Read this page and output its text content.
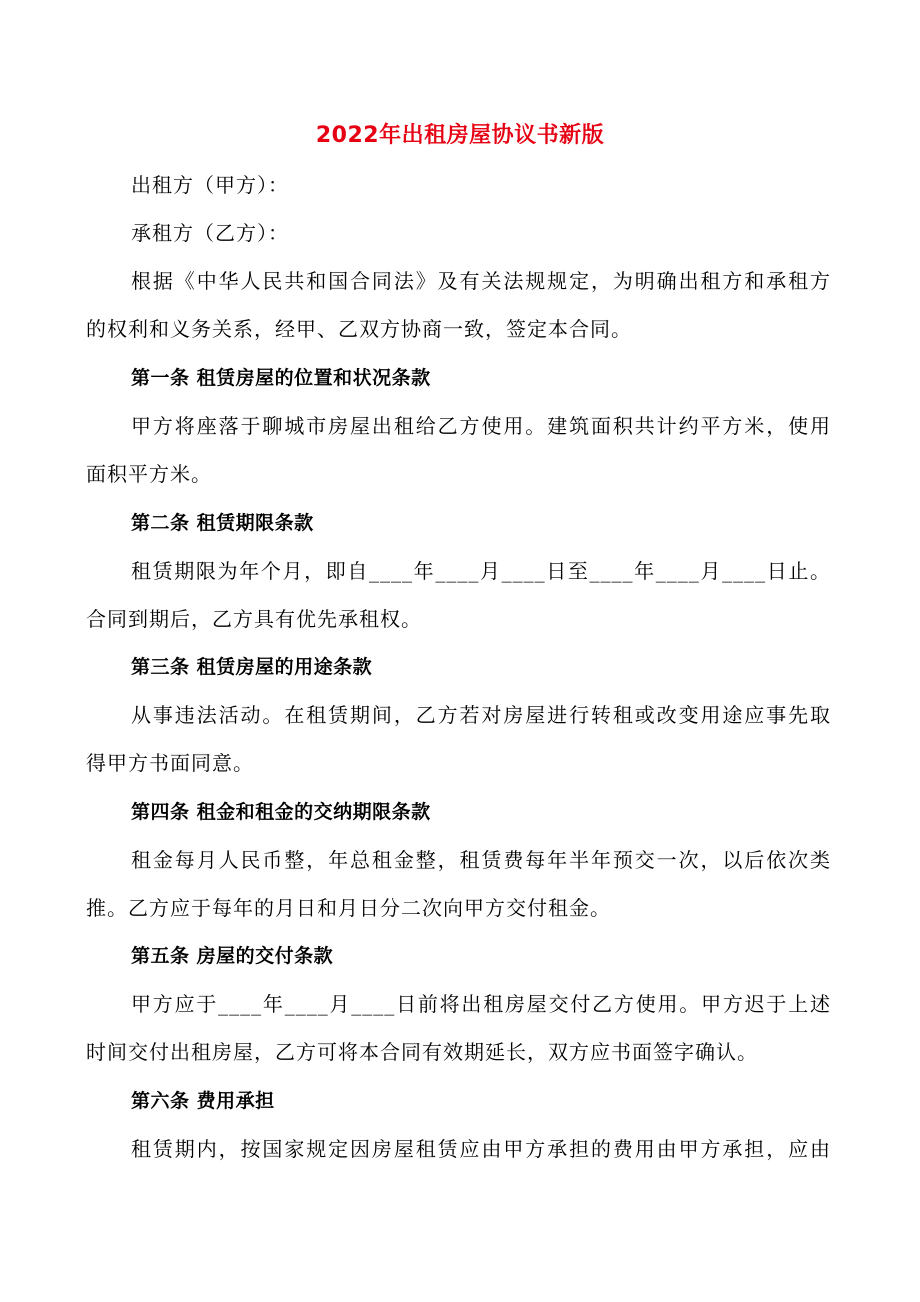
2022年出租房屋协议书新版
出租方（甲方）：
承租方（乙方）：
根据《中华人民共和国合同法》及有关法规规定，为明确出租方和承租方
的权利和义务关系，经甲、乙双方协商一致，签定本合同。
第一条 租赁房屋的位置和状况条款
甲方将座落于聊城市房屋出租给乙方使用。建筑面积共计约平方米，使用
面积平方米。
第二条 租赁期限条款
租赁期限为年个月，即自____年____月____日至____年____月____日止。
合同到期后，乙方具有优先承租权。
第三条 租赁房屋的用途条款
从事违法活动。在租赁期间，乙方若对房屋进行转租或改变用途应事先取
得甲方书面同意。
第四条 租金和租金的交纳期限条款
租金每月人民币整，年总租金整，租赁费每年半年预交一次，以后依次类
推。乙方应于每年的月日和月日分二次向甲方交付租金。
第五条 房屋的交付条款
甲方应于____年____月____日前将出租房屋交付乙方使用。甲方迟于上述
时间交付出租房屋，乙方可将本合同有效期延长，双方应书面签字确认。
第六条 费用承担
租赁期内，按国家规定因房屋租赁应由甲方承担的费用由甲方承担，应由
